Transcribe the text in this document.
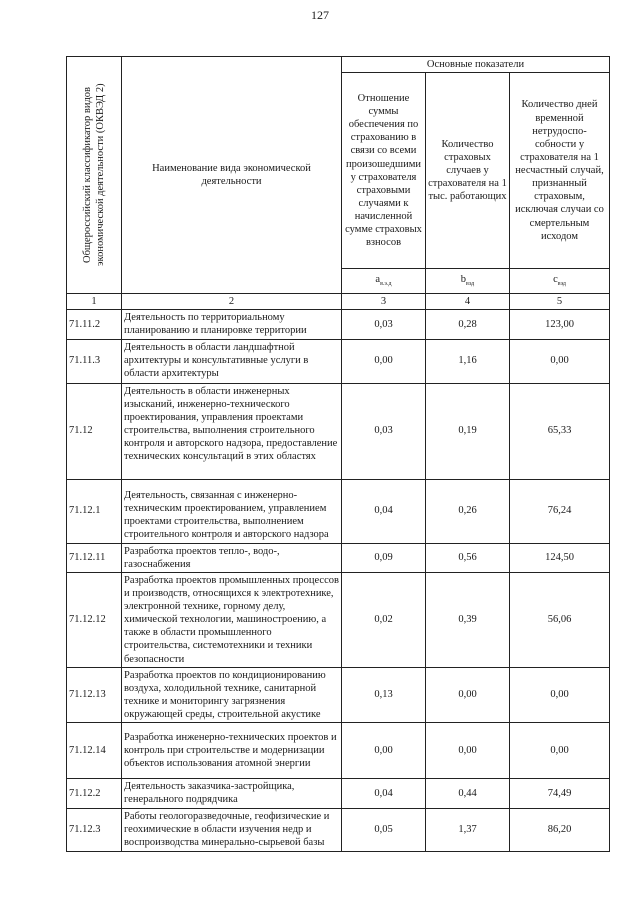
127
Общероссийский классификатор видов экономической деятельности (ОКВЭД 2)	Наименование вида экономической деятельности	Основные показатели		
		Отношение суммы обеспечения по страхованию в связи со всеми произошедшими у страхователя страховыми случаями к начисленной сумме страховых взносов	Количество страховых случаев у страхователя на 1 тыс. работающих	Количество дней временной нетрудоспо-собности у страхователя на 1 несчастный случай, признанный страховым, исключая случаи со смертельным исходом
		$a_{в.э.д}$	$b_{вэд}$	$c_{вэд}$
1	2	3	4	5
71.11.2	Деятельность по территориальному планированию и планировке территории	0,03	0,28	123,00
71.11.3	Деятельность в области ландшафтной архитектуры и консультативные услуги в области архитектуры	0,00	1,16	0,00
71.12	Деятельность в области инженерных изысканий, инженерно-технического проектирования, управления проектами строительства, выполнения строительного контроля и авторского надзора, предоставление технических консультаций в этих областях	0,03	0,19	65,33
71.12.1	Деятельность, связанная с инженерно-техническим проектированием, управлением проектами строительства, выполнением строительного контроля и авторского надзора	0,04	0,26	76,24
71.12.11	Разработка проектов тепло-, водо-, газоснабжения	0,09	0,56	124,50
71.12.12	Разработка проектов промышленных процессов и производств, относящихся к электротехнике, электронной технике, горному делу, химической технологии, машиностроению, а также в области промышленного строительства, системотехники и техники безопасности	0,02	0,39	56,06
71.12.13	Разработка проектов по кондиционированию воздуха, холодильной технике, санитарной технике и мониторингу загрязнения окружающей среды, строительной акустике	0,13	0,00	0,00
71.12.14	Разработка инженерно-технических проектов и контроль при строительстве и модернизации объектов использования атомной энергии	0,00	0,00	0,00
71.12.2	Деятельность заказчика-застройщика, генерального подрядчика	0,04	0,44	74,49
71.12.3	Работы геологоразведочные, геофизические и геохимические в области изучения недр и воспроизводства минерально-сырьевой базы	0,05	1,37	86,20
